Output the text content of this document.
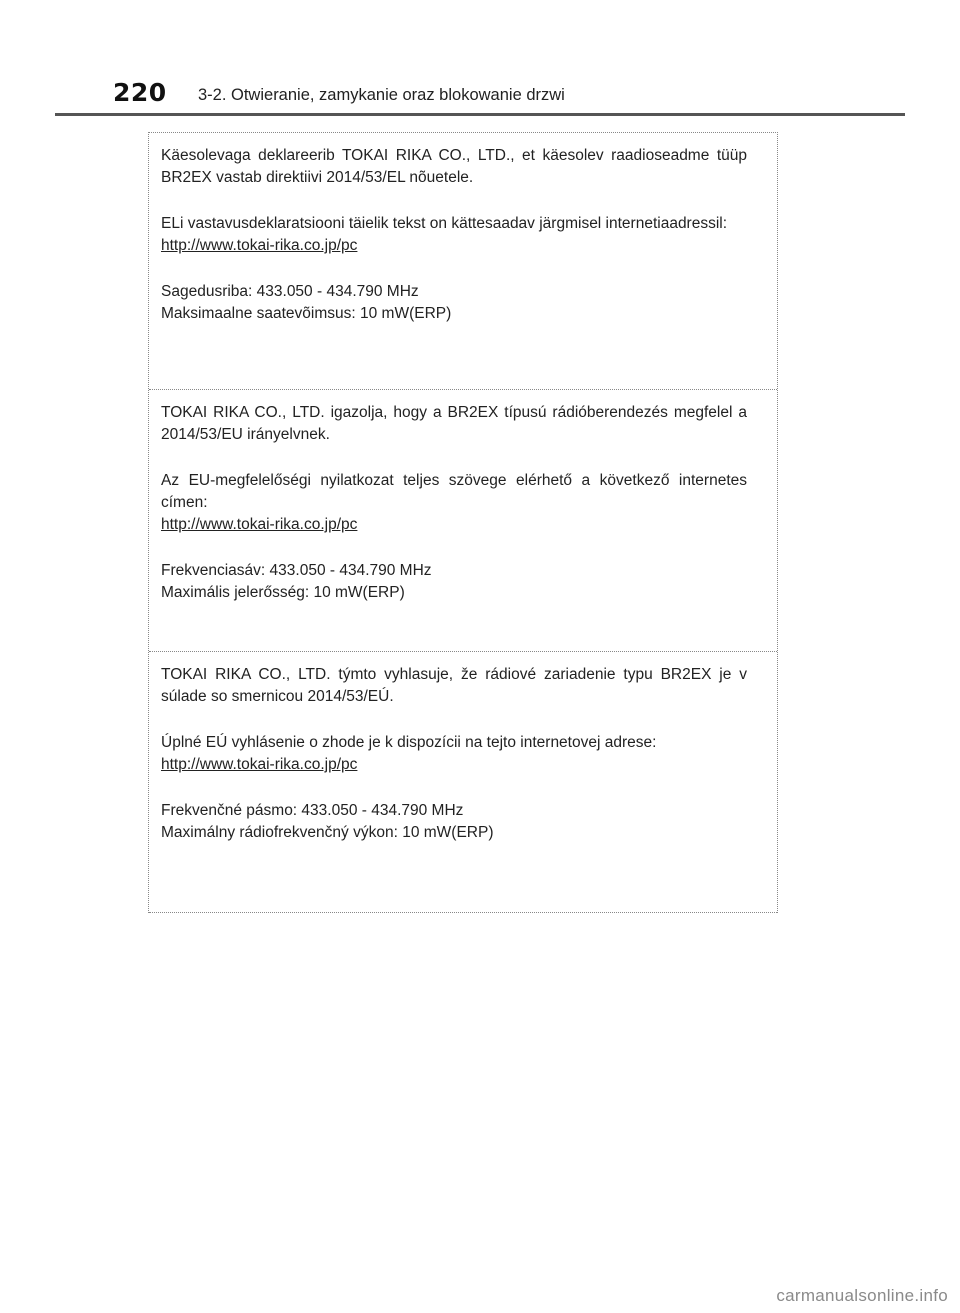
220 3-2. Otwieranie, zamykanie oraz blokowanie drzwi

Käesolevaga deklareerib TOKAI RIKA CO., LTD., et käesolev raadioseadme tüüp BR2EX vastab direktiivi 2014/53/EL nõuetele.

ELi vastavusdeklaratsiooni täielik tekst on kättesaadav järgmisel internetiaadressil:

http://www.tokai-rika.co.jp/pc

Sagedusriba: 433.050 - 434.790 MHz

Maksimaalne saatevõimsus: 10 mW(ERP)

TOKAI RIKA CO., LTD. igazolja, hogy a BR2EX típusú rádióberendezés megfelel a 2014/53/EU irányelvnek.

Az EU-megfelelőségi nyilatkozat teljes szövege elérhető a következő internetes címen:

http://www.tokai-rika.co.jp/pc

Frekvenciasáv: 433.050 - 434.790 MHz

Maximális jelerősség: 10 mW(ERP)

TOKAI RIKA CO., LTD. týmto vyhlasuje, že rádiové zariadenie typu BR2EX je v súlade so smernicou 2014/53/EÚ.

Úplné EÚ vyhlásenie o zhode je k dispozícii na tejto internetovej adrese:

http://www.tokai-rika.co.jp/pc

Frekvenčné pásmo: 433.050 - 434.790 MHz

Maximálny rádiofrekvenčný výkon: 10 mW(ERP)

carmanualsonline.info
